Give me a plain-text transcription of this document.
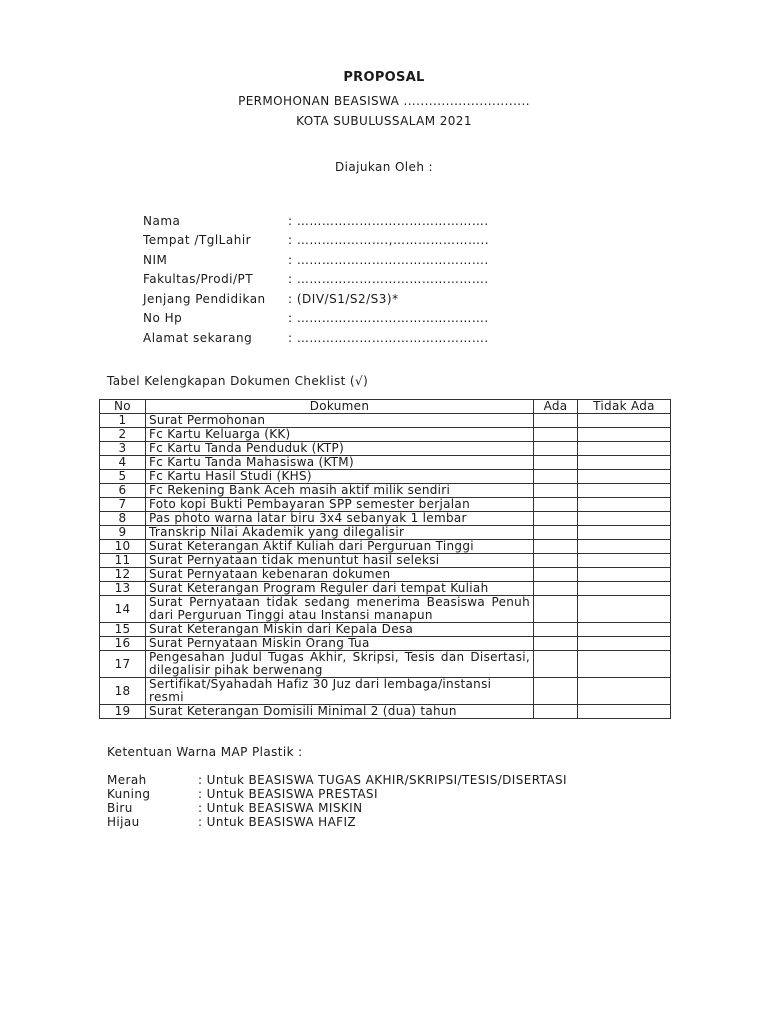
PROPOSAL
PERMOHONAN BEASISWA ..............................
KOTA SUBULUSSALAM 2021
Diajukan Oleh :
Nama	: ……………………………………….
Tempat /TglLahir	: ………………….,…………………..
NIM	: ……………………………………….
Fakultas/Prodi/PT	: ……………………………………….
Jenjang Pendidikan	: (DIV/S1/S2/S3)*
No Hp	: ……………………………………….
Alamat sekarang	: ……………………………………….
Tabel Kelengkapan Dokumen Cheklist (√)
No	Dokumen	Ada	Tidak Ada
1	Surat Permohonan		
2	Fc Kartu Keluarga (KK)		
3	Fc Kartu Tanda Penduduk (KTP)		
4	Fc Kartu Tanda Mahasiswa (KTM)		
5	Fc Kartu Hasil Studi (KHS)		
6	Fc Rekening Bank Aceh masih aktif milik sendiri		
7	Foto kopi Bukti Pembayaran SPP semester berjalan		
8	Pas photo warna latar biru 3x4 sebanyak 1 lembar		
9	Transkrip Nilai Akademik yang dilegalisir		
10	Surat Keterangan Aktif Kuliah dari Perguruan Tinggi		
11	Surat Pernyataan tidak menuntut hasil seleksi		
12	Surat Pernyataan kebenaran dokumen		
13	Surat Keterangan Program Reguler dari tempat Kuliah		
14	Surat Pernyataan tidak sedang menerima Beasiswa Penuh dari Perguruan Tinggi atau Instansi manapun		
15	Surat Keterangan Miskin dari Kepala Desa		
16	Surat Pernyataan Miskin Orang Tua		
17	Pengesahan Judul Tugas Akhir, Skripsi, Tesis dan Disertasi, dilegalisir pihak berwenang		
18	Sertifikat/Syahadah Hafiz 30 Juz dari lembaga/instansi resmi		
19	Surat Keterangan Domisili Minimal 2 (dua) tahun		
Ketentuan Warna MAP Plastik :
Merah	: Untuk BEASISWA TUGAS AKHIR/SKRIPSI/TESIS/DISERTASI
Kuning	: Untuk BEASISWA PRESTASI
Biru	: Untuk BEASISWA MISKIN
Hijau	: Untuk BEASISWA HAFIZ
